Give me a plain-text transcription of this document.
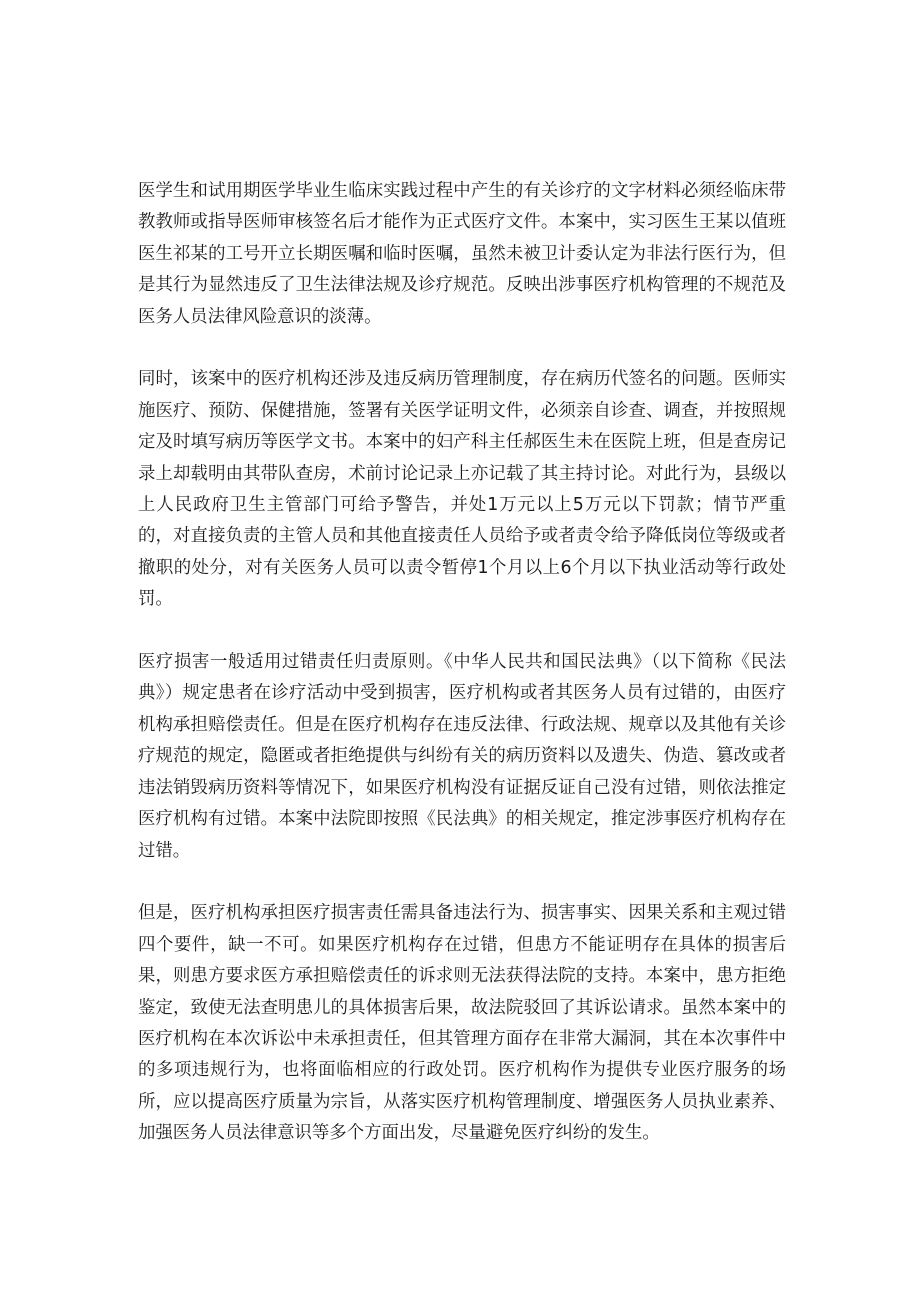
医学生和试用期医学毕业生临床实践过程中产生的有关诊疗的文字材料必须经临床带教教师或指导医师审核签名后才能作为正式医疗文件。本案中，实习医生王某以值班医生祁某的工号开立长期医嘱和临时医嘱，虽然未被卫计委认定为非法行医行为，但是其行为显然违反了卫生法律法规及诊疗规范。反映出涉事医疗机构管理的不规范及医务人员法律风险意识的淡薄。

同时，该案中的医疗机构还涉及违反病历管理制度，存在病历代签名的问题。医师实施医疗、预防、保健措施，签署有关医学证明文件，必须亲自诊查、调查，并按照规定及时填写病历等医学文书。本案中的妇产科主任郝医生未在医院上班，但是查房记录上却载明由其带队查房，术前讨论记录上亦记载了其主持讨论。对此行为，县级以上人民政府卫生主管部门可给予警告，并处1万元以上5万元以下罚款；情节严重的，对直接负责的主管人员和其他直接责任人员给予或者责令给予降低岗位等级或者撤职的处分，对有关医务人员可以责令暂停1个月以上6个月以下执业活动等行政处罚。

医疗损害一般适用过错责任归责原则。《中华人民共和国民法典》（以下简称《民法典》）规定患者在诊疗活动中受到损害，医疗机构或者其医务人员有过错的，由医疗机构承担赔偿责任。但是在医疗机构存在违反法律、行政法规、规章以及其他有关诊疗规范的规定，隐匿或者拒绝提供与纠纷有关的病历资料以及遗失、伪造、篡改或者违法销毁病历资料等情况下，如果医疗机构没有证据反证自己没有过错，则依法推定医疗机构有过错。本案中法院即按照《民法典》的相关规定，推定涉事医疗机构存在过错。

但是，医疗机构承担医疗损害责任需具备违法行为、损害事实、因果关系和主观过错四个要件，缺一不可。如果医疗机构存在过错，但患方不能证明存在具体的损害后果，则患方要求医方承担赔偿责任的诉求则无法获得法院的支持。本案中，患方拒绝鉴定，致使无法查明患儿的具体损害后果，故法院驳回了其诉讼请求。虽然本案中的医疗机构在本次诉讼中未承担责任，但其管理方面存在非常大漏洞，其在本次事件中的多项违规行为，也将面临相应的行政处罚。医疗机构作为提供专业医疗服务的场所，应以提高医疗质量为宗旨，从落实医疗机构管理制度、增强医务人员执业素养、加强医务人员法律意识等多个方面出发，尽量避免医疗纠纷的发生。
